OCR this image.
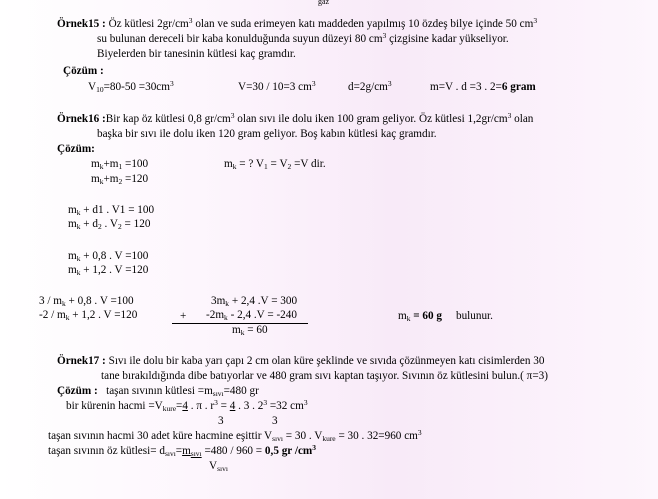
gaz
Örnek15 : Öz kütlesi $2gr/cm^3$ olan ve suda erimeyen katı maddeden yapılmış 10 özdeş bilye içinde 50 $cm^3$
su bulunan dereceli bir kaba konulduğunda suyun düzeyi 80 $cm^3$ çizgisine kadar yükseliyor.
Biyelerden bir tanesinin kütlesi kaç gramdır.
Çözüm :
$V_{10}=80-50 =30cm^3$	V=30 / 10=3 $cm^3$	$d=2g/cm^3$	m=V . d =3 . 2=6 gram
Örnek16 :Bir kap öz kütlesi 0,8 $gr/cm^3$ olan sıvı ile dolu iken 100 gram geliyor. Öz kütlesi $1,2gr/cm^3$ olan
başka bir sıvı ile dolu iken 120 gram geliyor. Boş kabın kütlesi kaç gramdır.
Çözüm:
$m_k+m_1 =100$	$m_k$ = ? $V_1 = V_2 =V$ dir.
$m_k+m_2 =120$
$m_k + d1$ . V1 = 100
$m_k + d_2$ . $V_2 = 120$
$m_k + 0,8$ . V =100
$m_k + 1,2$ . V =120
$3 / m_k + 0,8$ . V =100
$-2 / m_k + 1,2$ . V =120	+
$3m_k + 2,4$ .V = 300
$-2m_k - 2,4$ .V = -240
$m_k = 60$
$m_k = 60$ g bulunur.
Örnek17 : Sıvı ile dolu bir kaba yarı çapı 2 cm olan küre şeklinde ve sıvıda çözünmeyen katı cisimlerden 30
tane bırakıldığında dibe batıyorlar ve 480 gram sıvı kaptan taşıyor. Sıvının öz kütlesini bulun.( π=3)
Çözüm : taşan sıvının kütlesi $=m_{sıvı}=480$ gr
bir kürenin hacmi $=V_{kure}=4$ . π . $r^3 = 4$ . 3 . $2^3 =32$ $cm^3$
3	3
taşan sıvının hacmi 30 adet küre hacmine eşittir $V_{sıvı} = 30$ . $V_{kure} = 30$ . 32=960 $cm^3$
taşan sıvının öz kütlesi= $d_{sıvı}=m_{sıvı} =480 / 960 = 0,5$ gr $/cm^3$
$V_{sıvı}$
